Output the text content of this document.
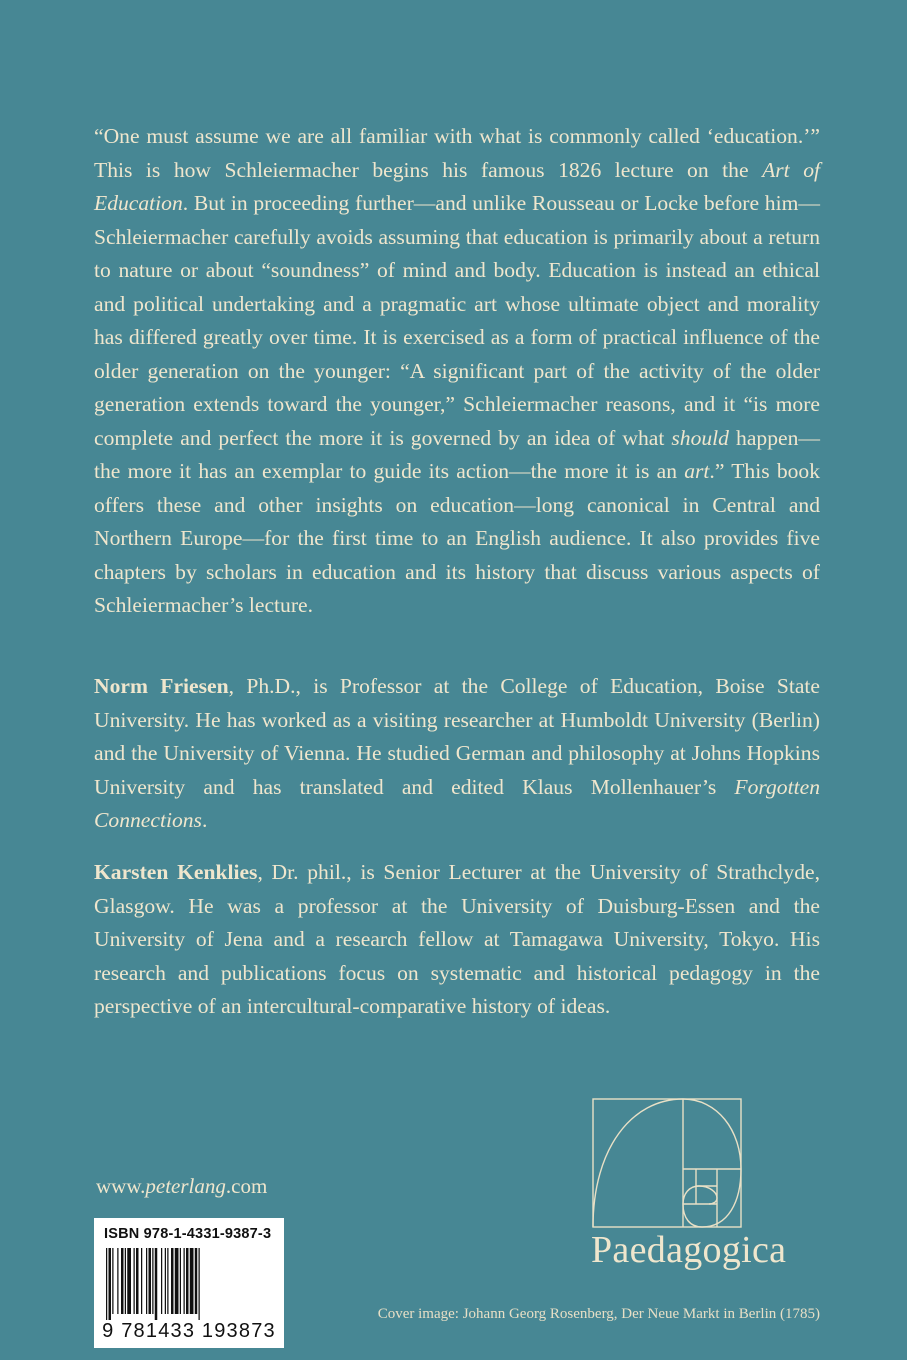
“One must assume we are all familiar with what is commonly called ‘education.’” This is how Schleiermacher begins his famous 1826 lecture on the Art of Education. But in proceeding further—and unlike Rousseau or Locke before him—Schleiermacher carefully avoids assuming that education is primarily about a return to nature or about “soundness” of mind and body. Education is instead an ethical and political undertaking and a pragmatic art whose ultimate object and morality has differed greatly over time. It is exercised as a form of practical influence of the older generation on the younger: “A significant part of the activity of the older generation extends toward the younger,” Schleiermacher reasons, and it “is more complete and perfect the more it is governed by an idea of what should happen—the more it has an exemplar to guide its action—the more it is an art.” This book offers these and other insights on education—long canonical in Central and Northern Europe—for the first time to an English audience. It also provides five chapters by scholars in education and its history that discuss various aspects of Schleiermacher’s lecture.

Norm Friesen, Ph.D., is Professor at the College of Education, Boise State University. He has worked as a visiting researcher at Humboldt University (Berlin) and the University of Vienna. He studied German and philosophy at Johns Hopkins University and has translated and edited Klaus Mollenhauer’s Forgotten Connections.

Karsten Kenklies, Dr. phil., is Senior Lecturer at the University of Strathclyde, Glasgow. He was a professor at the University of Duisburg-Essen and the University of Jena and a research fellow at Tamagawa University, Tokyo. His research and publications focus on systematic and historical pedagogy in the perspective of an intercultural-comparative history of ideas.

www.peterlang.com
ISBN 978-1-4331-9387-3
9 781433 193873
Paedagogica
Cover image: Johann Georg Rosenberg, Der Neue Markt in Berlin (1785)
